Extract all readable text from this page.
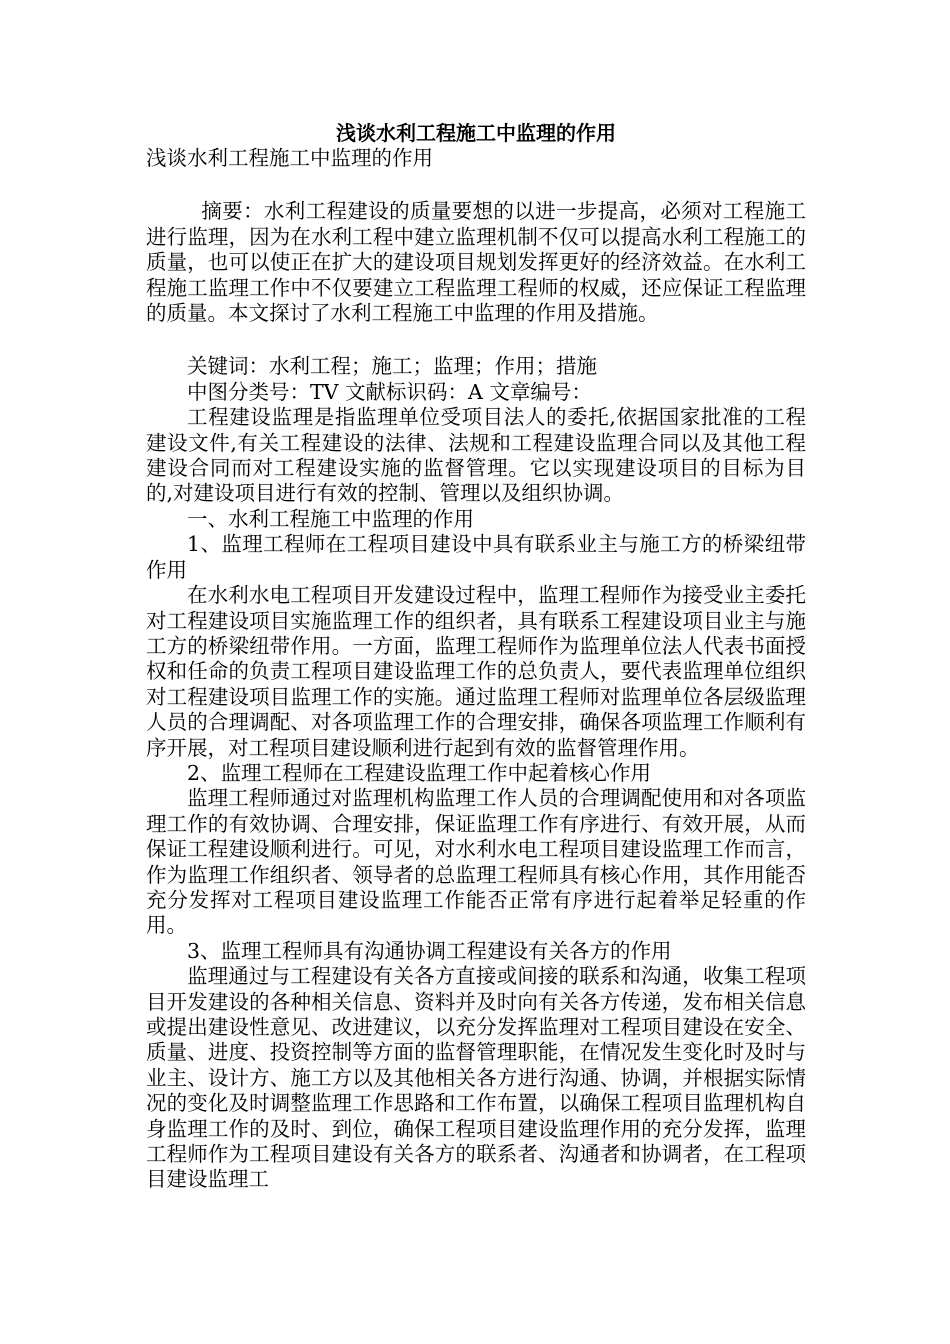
浅谈水利工程施工中监理的作用

浅谈水利工程施工中监理的作用

摘要：水利工程建设的质量要想的以进一步提高，必须对工程施工进行监理，因为在水利工程中建立监理机制不仅可以提高水利工程施工的质量，也可以使正在扩大的建设项目规划发挥更好的经济效益。在水利工程施工监理工作中不仅要建立工程监理工程师的权威，还应保证工程监理的质量。本文探讨了水利工程施工中监理的作用及措施。

关键词：水利工程；施工；监理；作用；措施

中图分类号：TV 文献标识码：A 文章编号：

工程建设监理是指监理单位受项目法人的委托,依据国家批准的工程建设文件,有关工程建设的法律、法规和工程建设监理合同以及其他工程建设合同而对工程建设实施的监督管理。它以实现建设项目的目标为目的,对建设项目进行有效的控制、管理以及组织协调。

一、水利工程施工中监理的作用

1、监理工程师在工程项目建设中具有联系业主与施工方的桥梁纽带作用

在水利水电工程项目开发建设过程中，监理工程师作为接受业主委托对工程建设项目实施监理工作的组织者，具有联系工程建设项目业主与施工方的桥梁纽带作用。一方面，监理工程师作为监理单位法人代表书面授权和任命的负责工程项目建设监理工作的总负责人，要代表监理单位组织对工程建设项目监理工作的实施。通过监理工程师对监理单位各层级监理人员的合理调配、对各项监理工作的合理安排，确保各项监理工作顺利有序开展，对工程项目建设顺利进行起到有效的监督管理作用。

2、监理工程师在工程建设监理工作中起着核心作用

监理工程师通过对监理机构监理工作人员的合理调配使用和对各项监理工作的有效协调、合理安排，保证监理工作有序进行、有效开展，从而保证工程建设顺利进行。可见，对水利水电工程项目建设监理工作而言，作为监理工作组织者、领导者的总监理工程师具有核心作用，其作用能否充分发挥对工程项目建设监理工作能否正常有序进行起着举足轻重的作用。

3、监理工程师具有沟通协调工程建设有关各方的作用

监理通过与工程建设有关各方直接或间接的联系和沟通，收集工程项目开发建设的各种相关信息、资料并及时向有关各方传递，发布相关信息或提出建设性意见、改进建议，以充分发挥监理对工程项目建设在安全、质量、进度、投资控制等方面的监督管理职能，在情况发生变化时及时与业主、设计方、施工方以及其他相关各方进行沟通、协调，并根据实际情况的变化及时调整监理工作思路和工作布置，以确保工程项目监理机构自身监理工作的及时、到位，确保工程项目建设监理作用的充分发挥，监理工程师作为工程项目建设有关各方的联系者、沟通者和协调者，在工程项目建设监理工
